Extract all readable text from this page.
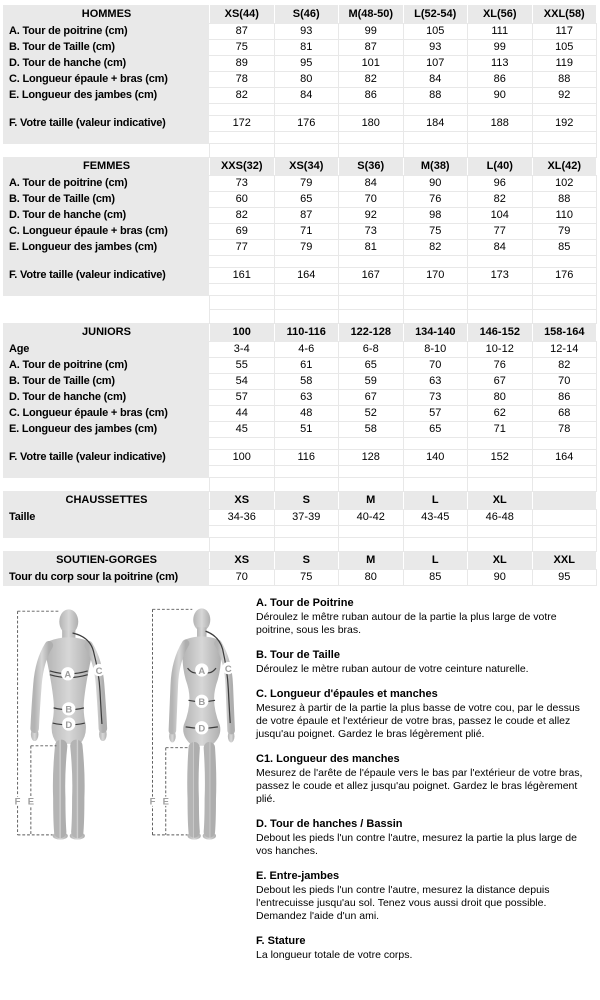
HOMMES	XS(44)	S(46)	M(48-50)	L(52-54)	XL(56)	XXL(58)
A. Tour de poitrine (cm)	87	93	99	105	111	117
B. Tour de Taille (cm)	75	81	87	93	99	105
D. Tour de hanche (cm)	89	95	101	107	113	119
C. Longueur épaule + bras (cm)	78	80	82	84	86	88
E. Longueur des jambes (cm)	82	84	86	88	90	92

F. Votre taille (valeur indicative)	172	176	180	184	188	192

FEMMES	XXS(32)	XS(34)	S(36)	M(38)	L(40)	XL(42)
A. Tour de poitrine (cm)	73	79	84	90	96	102
B. Tour de Taille (cm)	60	65	70	76	82	88
D. Tour de hanche (cm)	82	87	92	98	104	110
C. Longueur épaule + bras (cm)	69	71	73	75	77	79
E. Longueur des jambes (cm)	77	79	81	82	84	85

F. Votre taille (valeur indicative)	161	164	167	170	173	176

JUNIORS	100	110-116	122-128	134-140	146-152	158-164
Age	3-4	4-6	6-8	8-10	10-12	12-14
A. Tour de poitrine (cm)	55	61	65	70	76	82
B. Tour de Taille (cm)	54	58	59	63	67	70
D. Tour de hanche (cm)	57	63	67	73	80	86
C. Longueur épaule + bras (cm)	44	48	52	57	62	68
E. Longueur des jambes (cm)	45	51	58	65	71	78

F. Votre taille (valeur indicative)	100	116	128	140	152	164

CHAUSSETTES	XS	S	M	L	XL	
Taille	34-36	37-39	40-42	43-45	46-48	

SOUTIEN-GORGES	XS	S	M	L	XL	XXL
Tour du corp sour la poitrine (cm)	70	75	80	85	90	95
A
B
D
C
F E
A
B
D
C
F E
A. Tour de Poitrine

Déroulez le mêtre ruban autour de la partie la plus large de votre poitrine, sous les bras.

B. Tour de Taille

Déroulez le mètre ruban autour de votre ceinture naturelle.

C. Longueur d'épaules et manches

Mesurez à partir de la partie la plus basse de votre cou, par le dessus de votre épaule et l'extérieur de votre bras, passez le coude et allez jusqu'au poignet. Gardez le bras légèrement plié.

C1. Longueur des manches

Mesurez de l'arête de l'épaule vers le bas par l'extérieur de votre bras, passez le coude et allez jusqu'au poignet. Gardez le bras légèrement plié.

D. Tour de hanches / Bassin

Debout les pieds l'un contre l'autre, mesurez la partie la plus large de vos hanches.

E. Entre-jambes

Debout les pieds l'un contre l'autre, mesurez la distance depuis l'entrecuisse jusqu'au sol. Tenez vous aussi droit que possible. Demandez l'aide d'un ami.

F. Stature

La longueur totale de votre corps.
